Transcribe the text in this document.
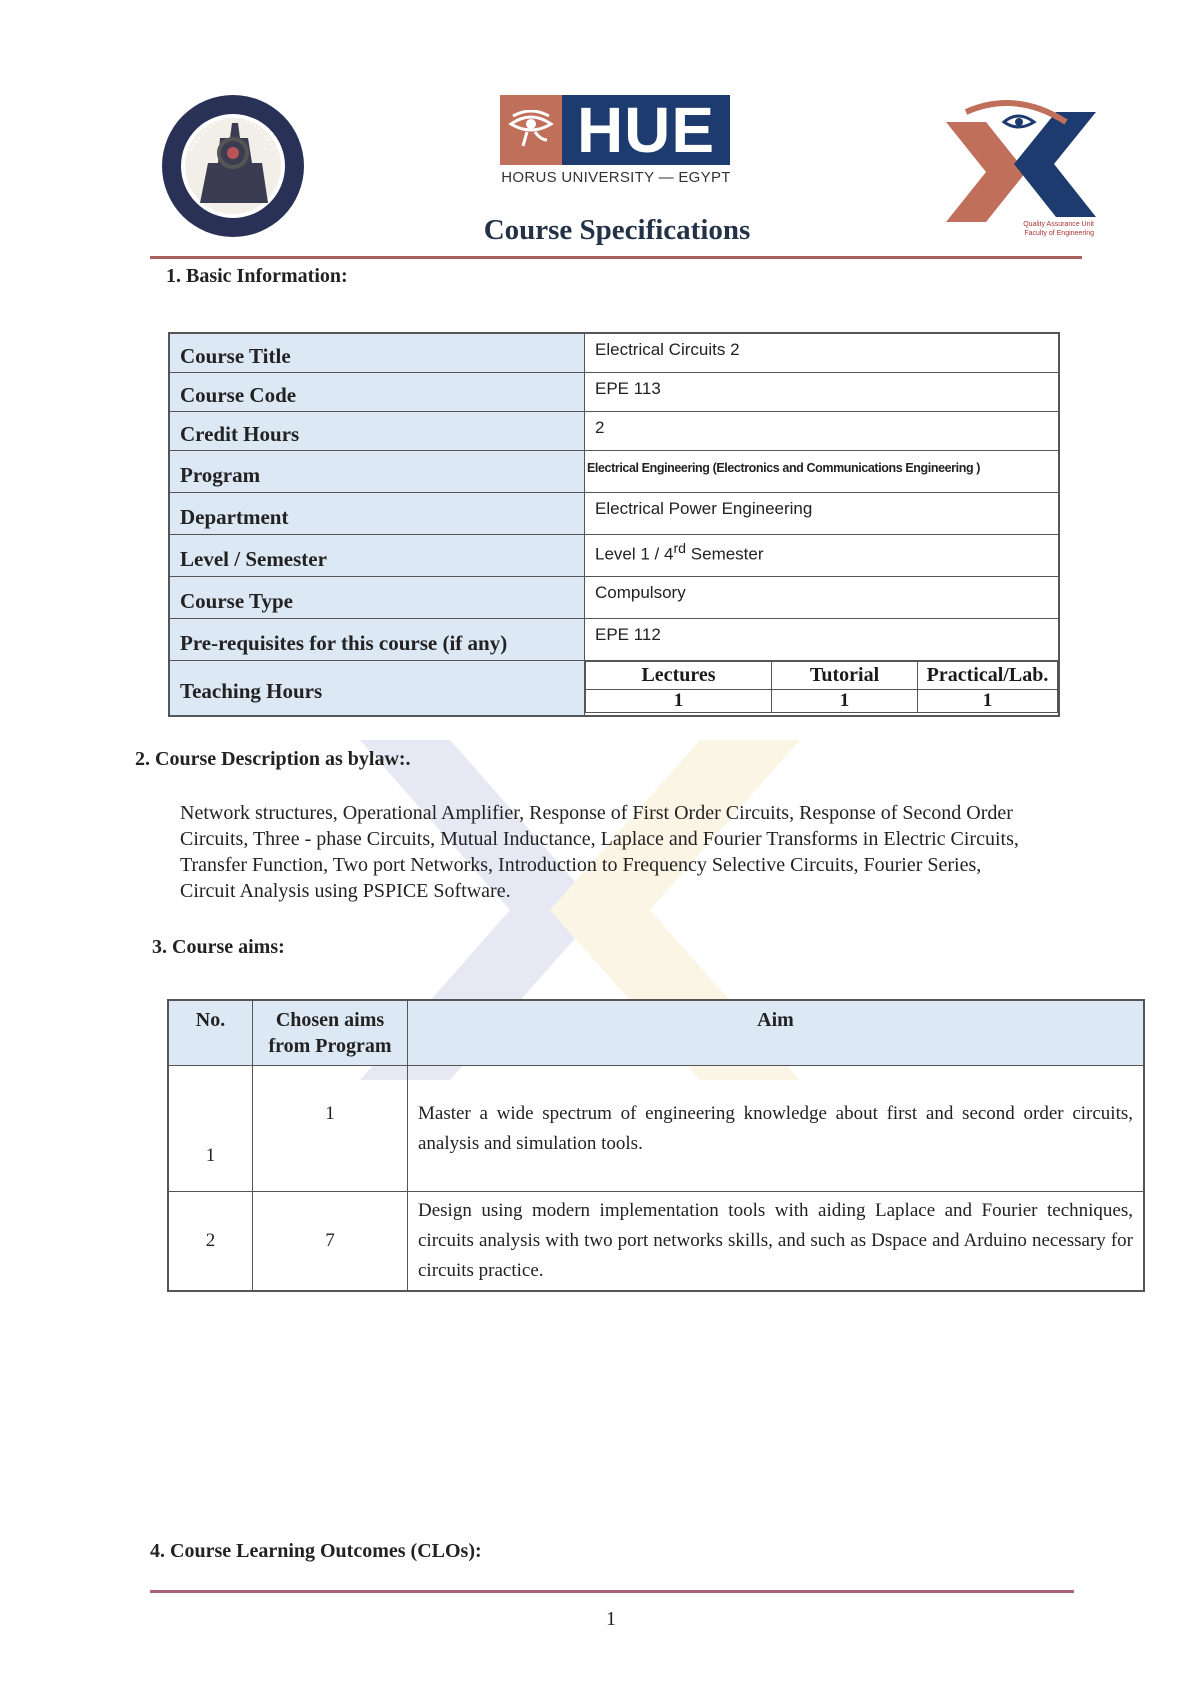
HUE
HORUS UNIVERSITY — EGYPT
Course Specifications	Quality Assurance Unit
Faculty of Engineering
1. Basic Information:
Course Title	Electrical Circuits 2
Course Code	EPE 113
Credit Hours	2
Program	Electrical Engineering (Electronics and Communications Engineering )
Department	Electrical Power Engineering
Level / Semester	Level 1 / 4rd Semester
Course Type	Compulsory
Pre-requisites for this course (if any)	EPE 112
Teaching Hours	
Lectures	Tutorial	Practical/Lab.
1	1	1
2. Course Description as bylaw:.
Network structures, Operational Amplifier, Response of First Order Circuits, Response of Second Order Circuits, Three - phase Circuits, Mutual Inductance, Laplace and Fourier Transforms in Electric Circuits, Transfer Function, Two port Networks, Introduction to Frequency Selective Circuits, Fourier Series, Circuit Analysis using PSPICE Software.
3. Course aims:
No.	Chosen aims from Program	Aim
1	1	Master a wide spectrum of engineering knowledge about first and second order circuits, analysis and simulation tools.
2	7	Design using modern implementation tools with aiding Laplace and Fourier techniques, circuits analysis with two port networks skills, and such as Dspace and Arduino necessary for circuits practice.
4. Course Learning Outcomes (CLOs):
1
